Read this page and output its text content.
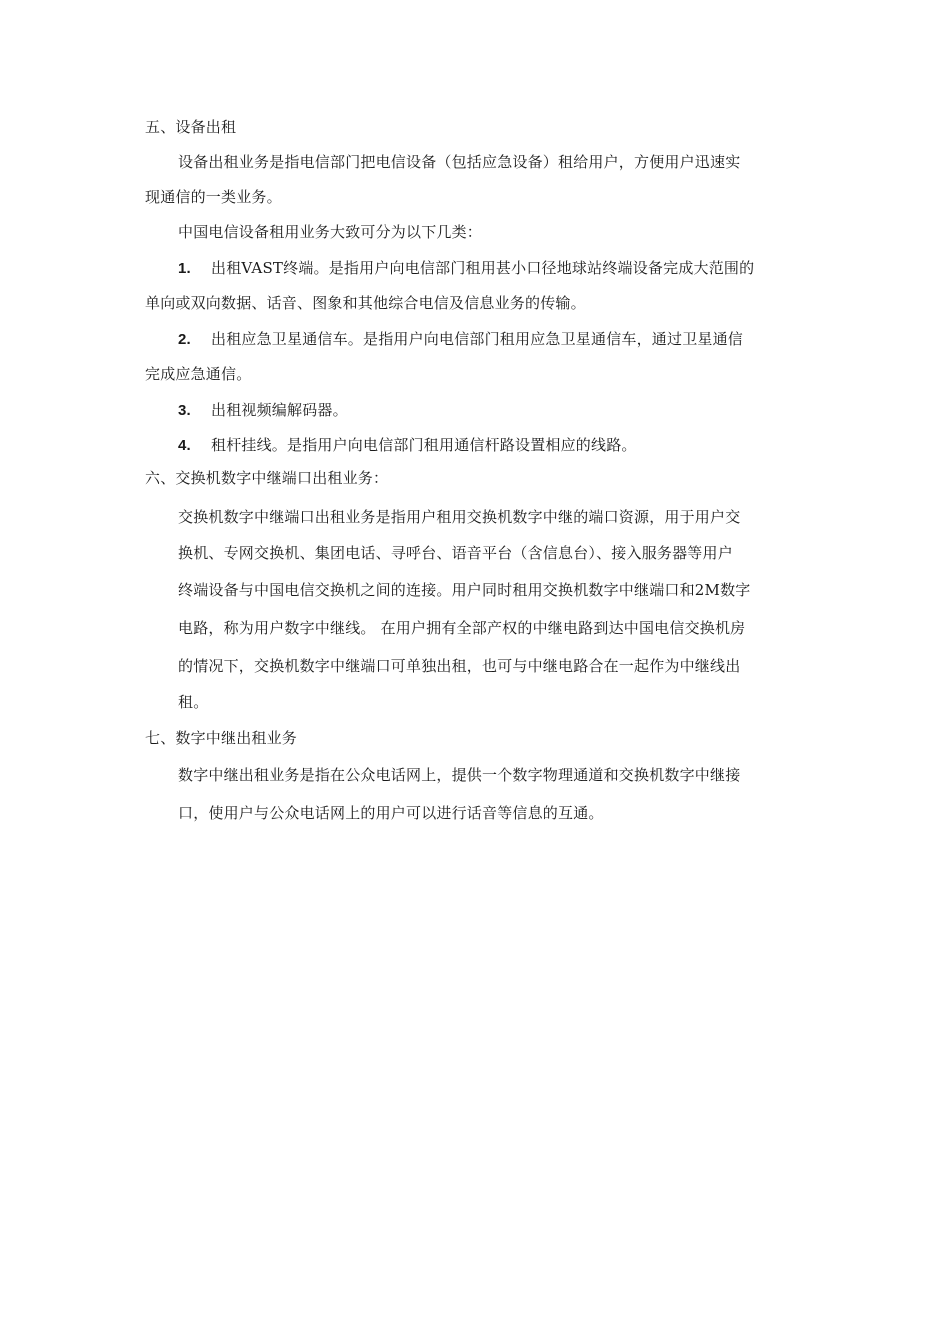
五、设备出租
设备出租业务是指电信部门把电信设备（包括应急设备）租给用户，方便用户迅速实
现通信的一类业务。
中国电信设备租用业务大致可分为以下几类：
1. 出租VAST终端。是指用户向电信部门租用甚小口径地球站终端设备完成大范围的
单向或双向数据、话音、图象和其他综合电信及信息业务的传输。
2. 出租应急卫星通信车。是指用户向电信部门租用应急卫星通信车，通过卫星通信
完成应急通信。
3. 出租视频编解码器。
4. 租杆挂线。是指用户向电信部门租用通信杆路设置相应的线路。
六、交换机数字中继端口出租业务：
交换机数字中继端口出租业务是指用户租用交换机数字中继的端口资源，用于用户交
换机、专网交换机、集团电话、寻呼台、语音平台（含信息台）、接入服务器等用户
终端设备与中国电信交换机之间的连接。用户同时租用交换机数字中继端口和2M数字
电路，称为用户数字中继线。 在用户拥有全部产权的中继电路到达中国电信交换机房
的情况下，交换机数字中继端口可单独出租，也可与中继电路合在一起作为中继线出
租。
七、数字中继出租业务
数字中继出租业务是指在公众电话网上，提供一个数字物理通道和交换机数字中继接
口，使用户与公众电话网上的用户可以进行话音等信息的互通。
